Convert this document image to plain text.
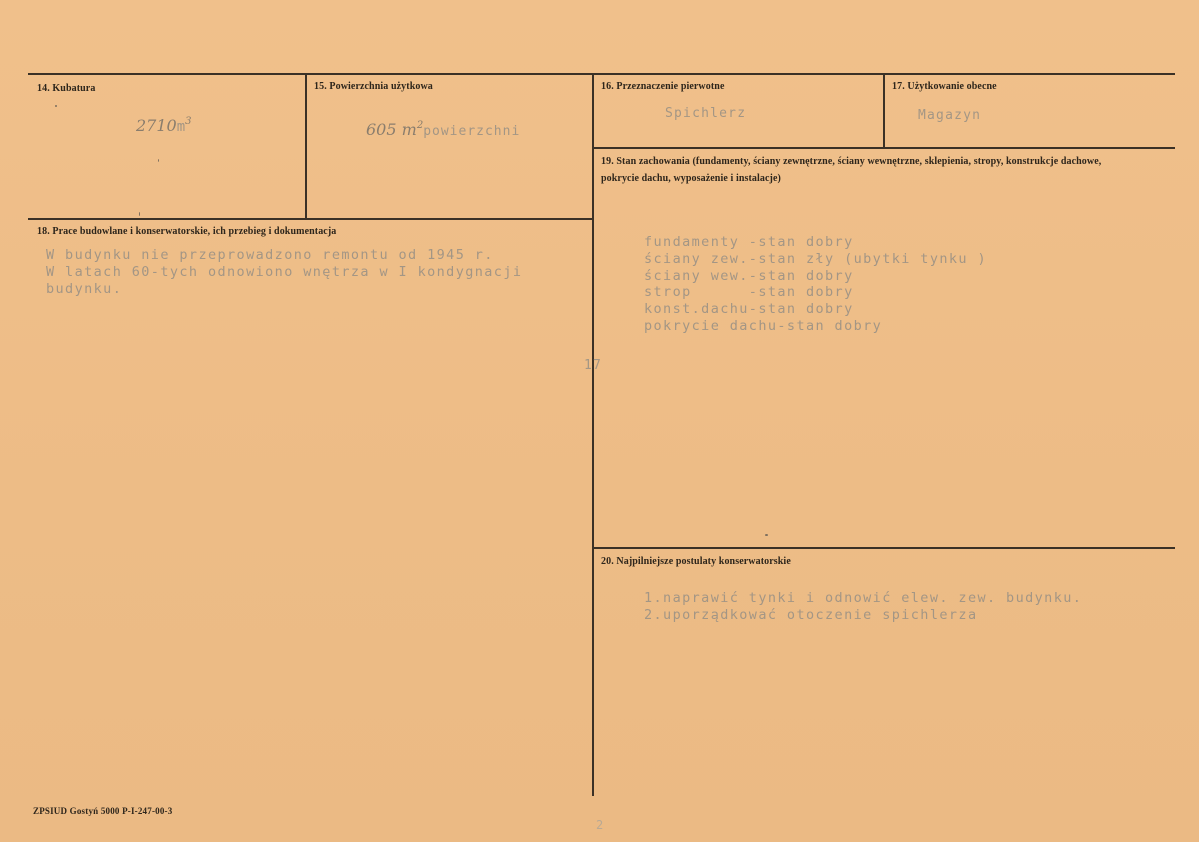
14. Kubatura
$2710m^3$
15. Powierzchnia użytkowa
605 $m^2powierzchni$
16. Przeznaczenie pierwotne
Spichlerz
17. Użytkowanie obecne
Magazyn
18. Prace budowlane i konserwatorskie, ich przebieg i dokumentacja
W budynku nie przeprowadzono remontu od 1945 r.
W latach 60-tych odnowiono wnętrza w I kondygnacji
budynku.
19. Stan zachowania (fundamenty, ściany zewnętrzne, ściany wewnętrzne, sklepienia, stropy, konstrukcje dachowe, pokrycie dachu, wyposażenie i instalacje)
fundamenty -stan dobry
ściany zew.-stan zły (ubytki tynku )
ściany wew.-stan dobry
strop      -stan dobry
konst.dachu-stan dobry
pokrycie dachu-stan dobry
17
20. Najpilniejsze postulaty konserwatorskie
1.naprawić tynki i odnowić elew. zew. budynku.
2.uporządkować otoczenie spichlerza
ZPSIUD Gostyń 5000 P-I-247-00-3
2
